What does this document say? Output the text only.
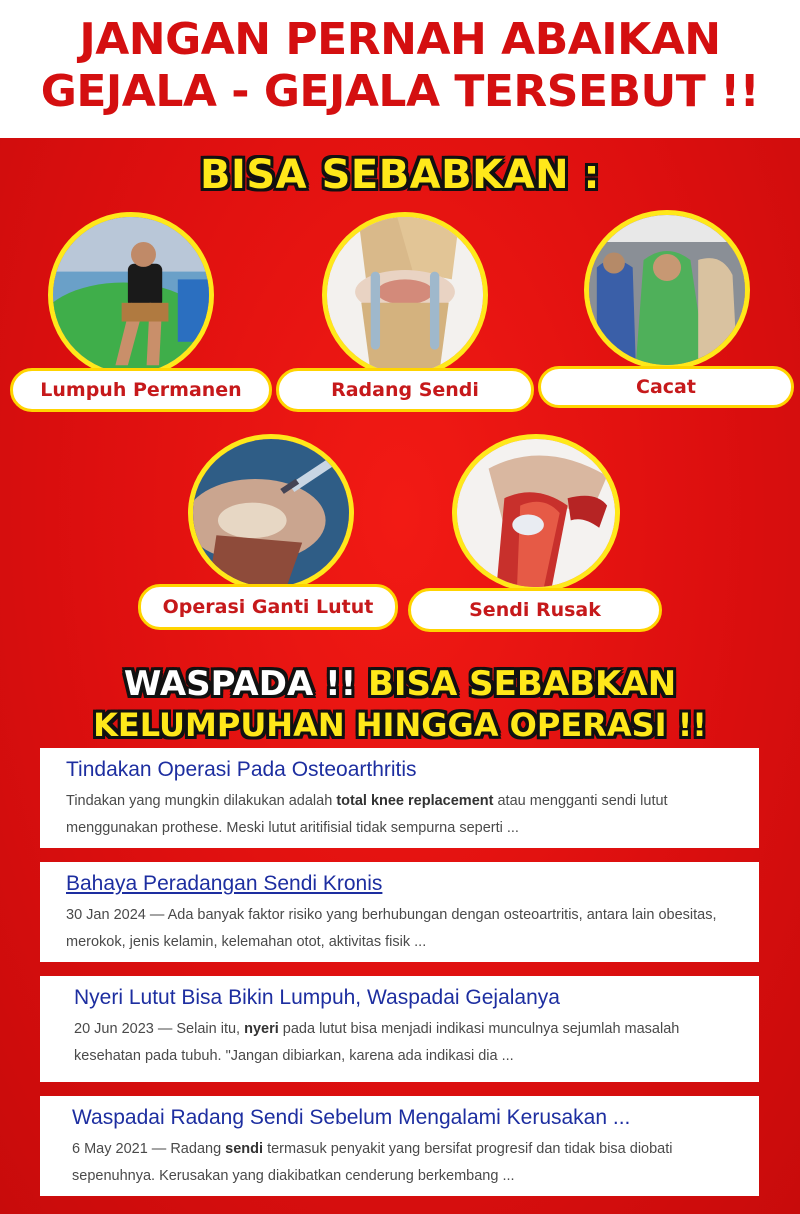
JANGAN PERNAH ABAIKAN
GEJALA - GEJALA TERSEBUT !!
BISA SEBABKAN :
Lumpuh Permanen	Radang Sendi	Cacat
Operasi Ganti Lutut	Sendi Rusak
WASPADA !! BISA SEBABKAN
KELUMPUHAN HINGGA OPERASI !!
Tindakan Operasi Pada Osteoarthritis
Tindakan yang mungkin dilakukan adalah total knee replacement atau mengganti sendi lutut menggunakan prothese. Meski lutut aritifisial tidak sempurna seperti ...
Bahaya Peradangan Sendi Kronis
30 Jan 2024 — Ada banyak faktor risiko yang berhubungan dengan osteoartritis, antara lain obesitas, merokok, jenis kelamin, kelemahan otot, aktivitas fisik ...
Nyeri Lutut Bisa Bikin Lumpuh, Waspadai Gejalanya
20 Jun 2023 — Selain itu, nyeri pada lutut bisa menjadi indikasi munculnya sejumlah masalah kesehatan pada tubuh. "Jangan dibiarkan, karena ada indikasi dia ...
Waspadai Radang Sendi Sebelum Mengalami Kerusakan ...
6 May 2021 — Radang sendi termasuk penyakit yang bersifat progresif dan tidak bisa diobati sepenuhnya. Kerusakan yang diakibatkan cenderung berkembang ...
